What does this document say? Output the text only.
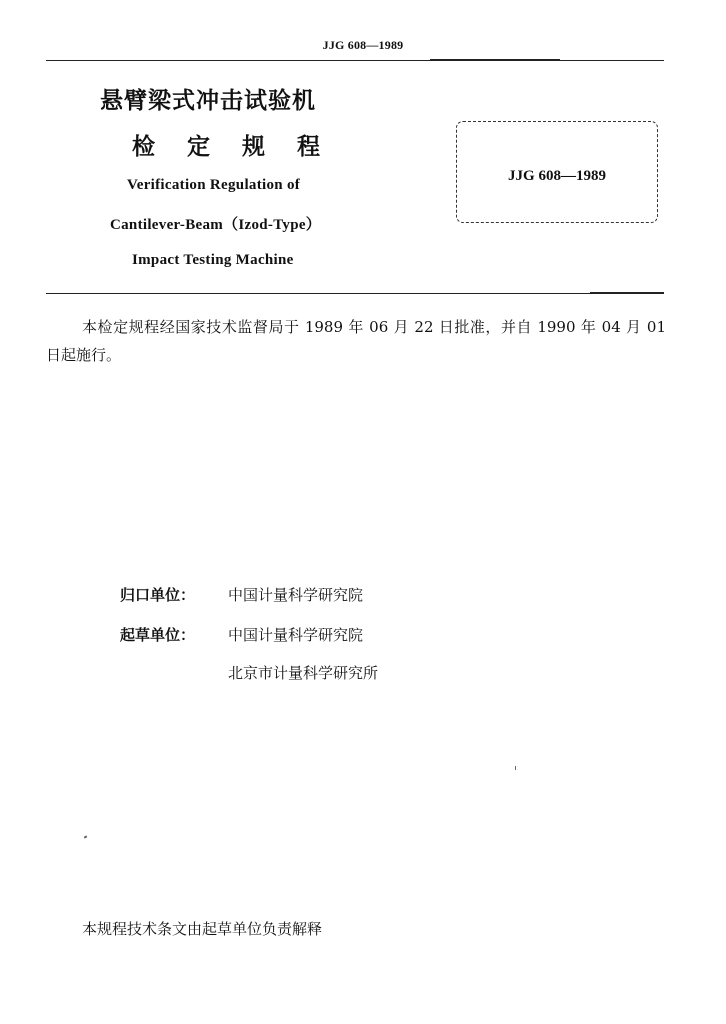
JJG 608—1989
悬臂梁式冲击试验机
检定规程
Verification Regulation of
Cantilever-Beam（Izod-Type）
Impact Testing Machine
JJG 608—1989
本检定规程经国家技术监督局于 1989 年 06 月 22 日批准，并自 1990 年 04 月 01 日起施行。
归口单位： 中国计量科学研究院
起草单位： 中国计量科学研究院
北京市计量科学研究所
本规程技术条文由起草单位负责解释
